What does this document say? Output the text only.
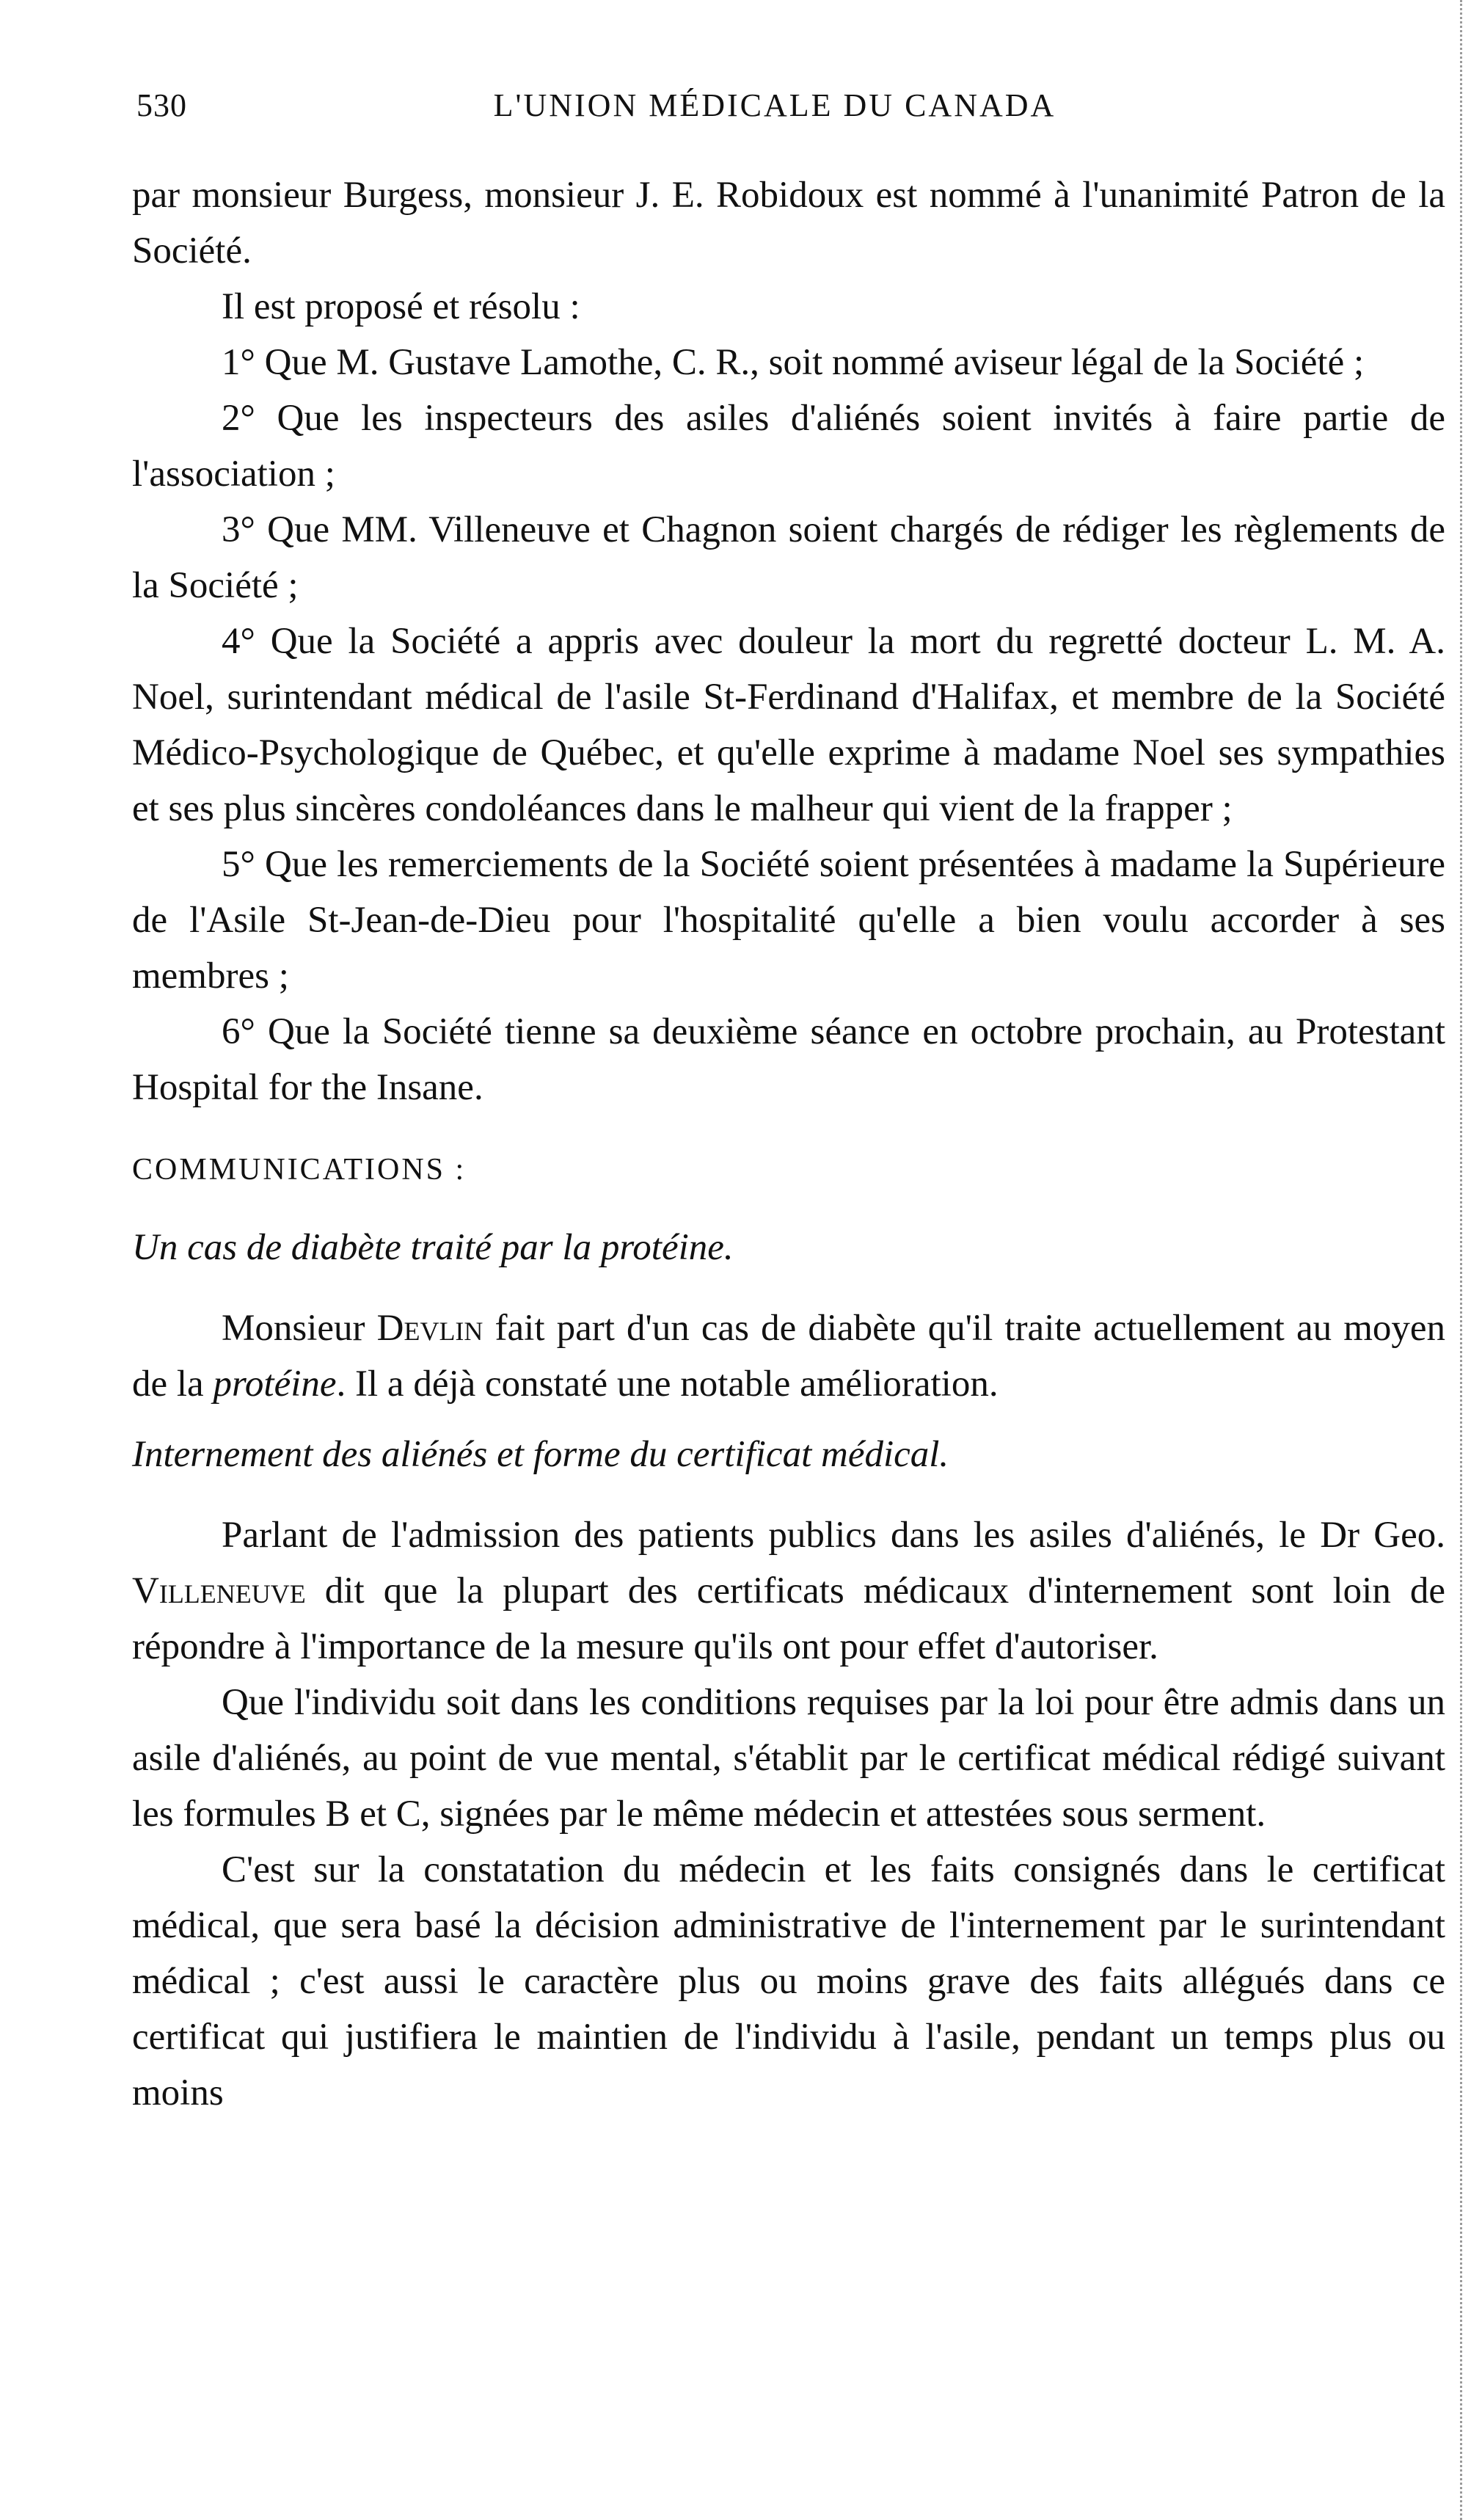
530	L'UNION MÉDICALE DU CANADA

par monsieur Burgess, monsieur J. E. Robidoux est nommé à l'unanimité Patron de la Société.

Il est proposé et résolu :

1° Que M. Gustave Lamothe, C. R., soit nommé aviseur légal de la Société ;

2° Que les inspecteurs des asiles d'aliénés soient invités à faire partie de l'association ;

3° Que MM. Villeneuve et Chagnon soient chargés de rédiger les règlements de la Société ;

4° Que la Société a appris avec douleur la mort du regretté docteur L. M. A. Noel, surintendant médical de l'asile St-Ferdinand d'Halifax, et membre de la Société Médico-Psychologique de Québec, et qu'elle exprime à madame Noel ses sympathies et ses plus sincères condoléances dans le malheur qui vient de la frapper ;

5° Que les remerciements de la Société soient présentées à madame la Supérieure de l'Asile St-Jean-de-Dieu pour l'hospitalité qu'elle a bien voulu accorder à ses membres ;

6° Que la Société tienne sa deuxième séance en octobre prochain, au Protestant Hospital for the Insane.

COMMUNICATIONS :

Un cas de diabète traité par la protéine.

Monsieur Devlin fait part d'un cas de diabète qu'il traite actuellement au moyen de la protéine. Il a déjà constaté une notable amélioration.

Internement des aliénés et forme du certificat médical.

Parlant de l'admission des patients publics dans les asiles d'aliénés, le Dr Geo. Villeneuve dit que la plupart des certificats médicaux d'internement sont loin de répondre à l'importance de la mesure qu'ils ont pour effet d'autoriser.

Que l'individu soit dans les conditions requises par la loi pour être admis dans un asile d'aliénés, au point de vue mental, s'établit par le certificat médical rédigé suivant les formules B et C, signées par le même médecin et attestées sous serment.

C'est sur la constatation du médecin et les faits consignés dans le certificat médical, que sera basé la décision administrative de l'internement par le surintendant médical ; c'est aussi le caractère plus ou moins grave des faits allégués dans ce certificat qui justifiera le maintien de l'individu à l'asile, pendant un temps plus ou moins
